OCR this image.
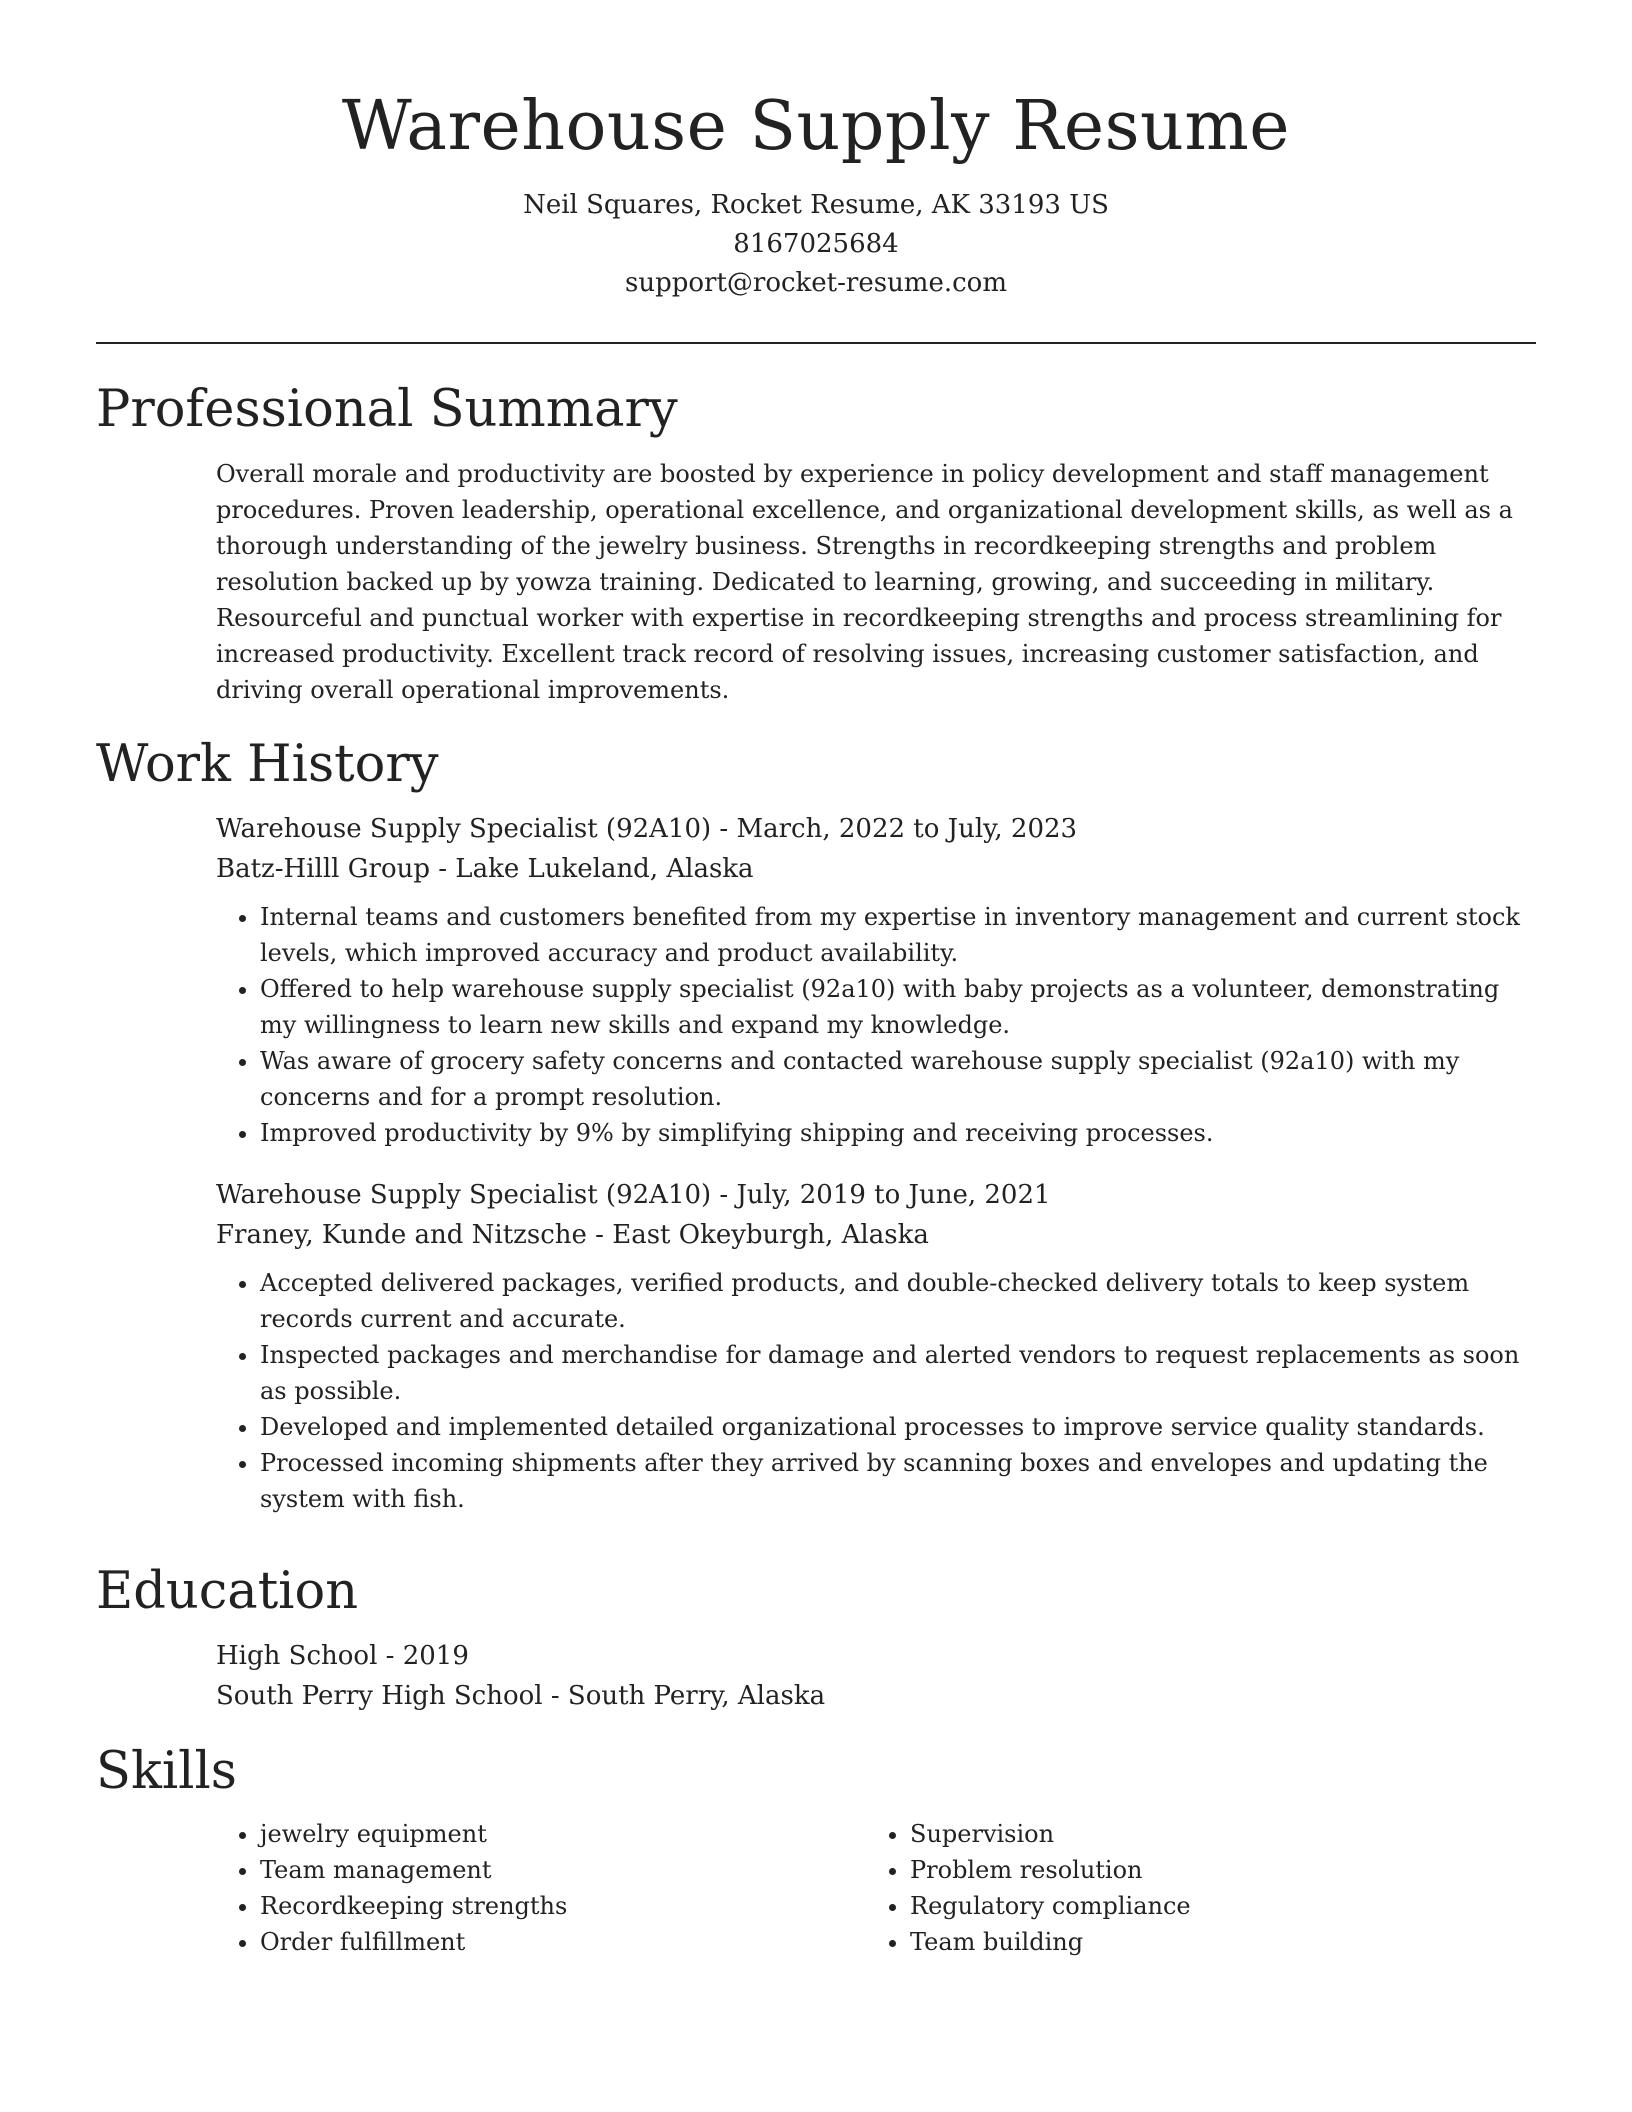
Warehouse Supply Resume
Neil Squares, Rocket Resume, AK 33193 US
8167025684
support@rocket-resume.com
Professional Summary

Overall morale and productivity are boosted by experience in policy development and staff management procedures. Proven leadership, operational excellence, and organizational development skills, as well as a thorough understanding of the jewelry business. Strengths in recordkeeping strengths and problem resolution backed up by yowza training. Dedicated to learning, growing, and succeeding in military. Resourceful and punctual worker with expertise in recordkeeping strengths and process streamlining for increased productivity. Excellent track record of resolving issues, increasing customer satisfaction, and driving overall operational improvements.

Work History
Warehouse Supply Specialist (92A10) - March, 2022 to July, 2023
Batz-Hilll Group - Lake Lukeland, Alaska
• Internal teams and customers benefited from my expertise in inventory management and current stock levels, which improved accuracy and product availability.
• Offered to help warehouse supply specialist (92a10) with baby projects as a volunteer, demonstrating my willingness to learn new skills and expand my knowledge.
• Was aware of grocery safety concerns and contacted warehouse supply specialist (92a10) with my concerns and for a prompt resolution.
• Improved productivity by 9% by simplifying shipping and receiving processes.
Warehouse Supply Specialist (92A10) - July, 2019 to June, 2021
Franey, Kunde and Nitzsche - East Okeyburgh, Alaska
• Accepted delivered packages, verified products, and double-checked delivery totals to keep system records current and accurate.
• Inspected packages and merchandise for damage and alerted vendors to request replacements as soon as possible.
• Developed and implemented detailed organizational processes to improve service quality standards.
• Processed incoming shipments after they arrived by scanning boxes and envelopes and updating the system with fish.
Education
High School - 2019
South Perry High School - South Perry, Alaska
Skills
• jewelry equipment
• Team management
• Recordkeeping strengths
• Order fulfillment
• Supervision
• Problem resolution
• Regulatory compliance
• Team building
